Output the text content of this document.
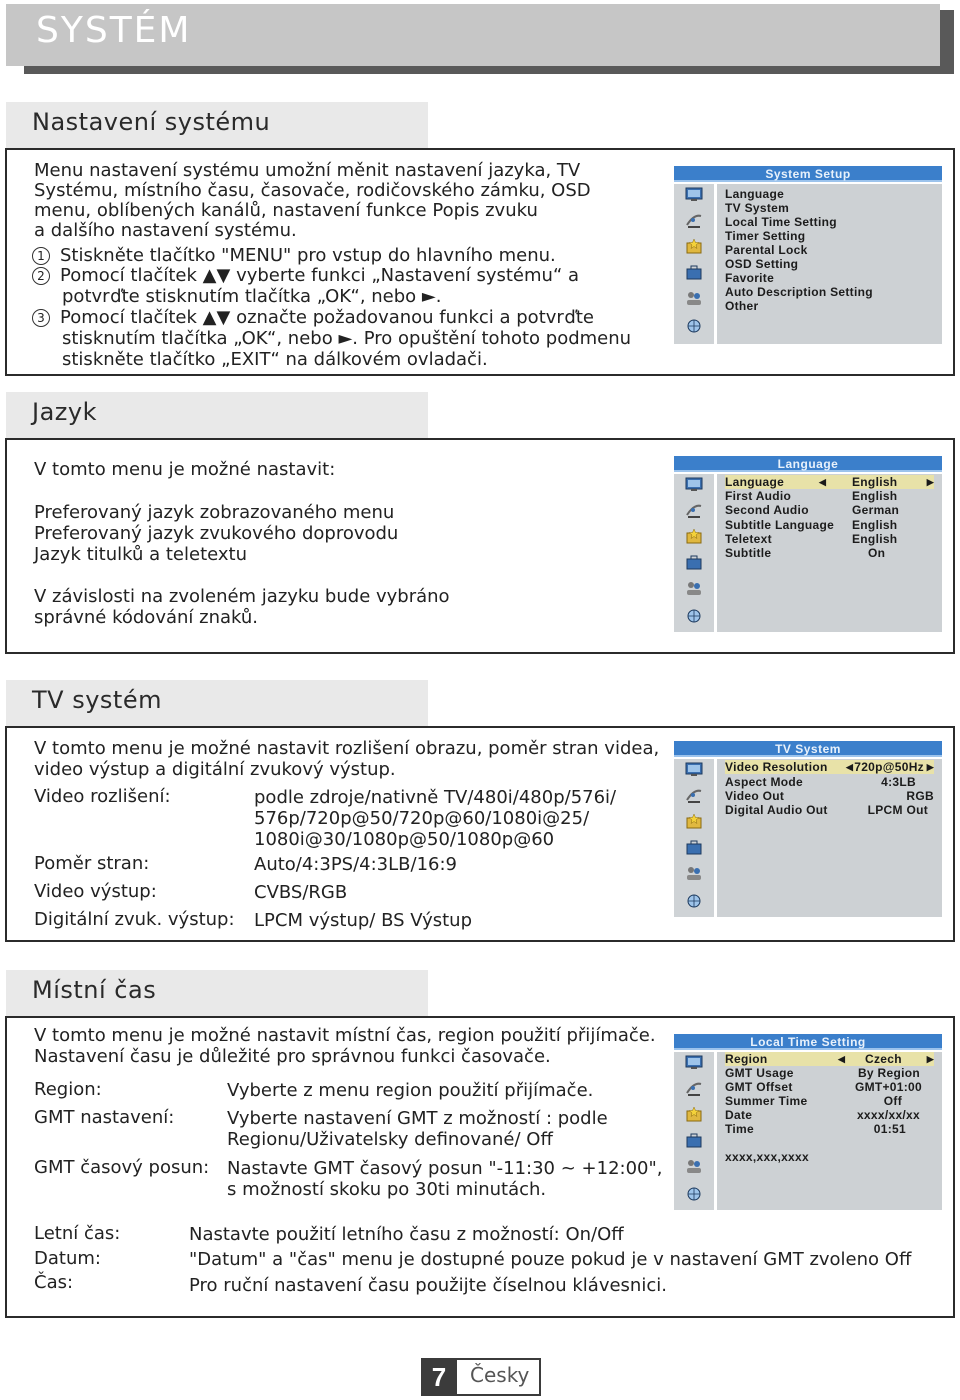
SYSTÉM
Nastavení systému
Menu nastavení systému umožní měnit nastavení jazyka, TV
Systému, místního času, časovače, rodičovského zámku, OSD
menu, oblíbených kanálů, nastavení funkce Popis zvuku
a dalšího nastavení systému.
1 Stiskněte tlačítko "MENU" pro vstup do hlavního menu.
2 Pomocí tlačítek ▲▼ vyberte funkci „Nastavení systému“ a
potvrďte stisknutím tlačítka „OK“, nebo ►.
3 Pomocí tlačítek ▲▼ označte požadovanou funkci a potvrďte
stisknutím tlačítka „OK“, nebo ►. Pro opuštění tohoto podmenu
stiskněte tlačítko „EXIT“ na dálkovém ovladači.
System Setup
Language
TV System
Local Time Setting
Timer Setting
Parental Lock
OSD Setting
Favorite
Auto Description Setting
Other
Jazyk
V tomto menu je možné nastavit:
Preferovaný jazyk zobrazovaného menu
Preferovaný jazyk zvukového doprovodu
Jazyk titulků a teletextu
V závislosti na zvoleném jazyku bude vybráno
správné kódování znaků.
Language
Language	◀ English	▶
First Audio	English
Second Audio	German
Subtitle Language English
Teletext	English
Subtitle	On
TV systém
V tomto menu je možné nastavit rozlišení obrazu, poměr stran videa,
video výstup a digitální zvukový výstup.
Video rozlišení:	podle zdroje/nativně TV/480i/480p/576i/
576p/720p@50/720p@60/1080i@25/
1080i@30/1080p@50/1080p@60
Poměr stran:	Auto/4:3PS/4:3LB/16:9
Video výstup:	CVBS/RGB
Digitální zvuk. výstup: LPCM výstup/ BS Výstup
TV System
Video Resolution ◀ 720p@50Hz ▶
Aspect Mode	4:3LB
Video Out	RGB
Digital Audio Out	LPCM Out
Místní čas
V tomto menu je možné nastavit místní čas, region použití přijímače.
Nastavení času je důležité pro správnou funkci časovače.
Region:	Vyberte z menu region použití přijímače.
GMT nastavení:	Vyberte nastavení GMT z možností : podle
Regionu/Uživatelsky definované/ Off
GMT časový posun: Nastavte GMT časový posun "-11:30 ~ +12:00",
s možností skoku po 30ti minutách.
Letní čas:	Nastavte použití letního času z možností: On/Off
Datum:	"Datum" a "čas" menu je dostupné pouze pokud je v nastavení GMT zvoleno Off
Čas:	Pro ruční nastavení času použijte číselnou klávesnici.
Local Time Setting
Region	◀ Czech	▶
GMT Usage	By Region
GMT Offset	GMT+01:00
Summer Time	Off
Date	xxxx/xx/xx
Time	01:51
xxxx,xxx,xxxx
7	Česky
